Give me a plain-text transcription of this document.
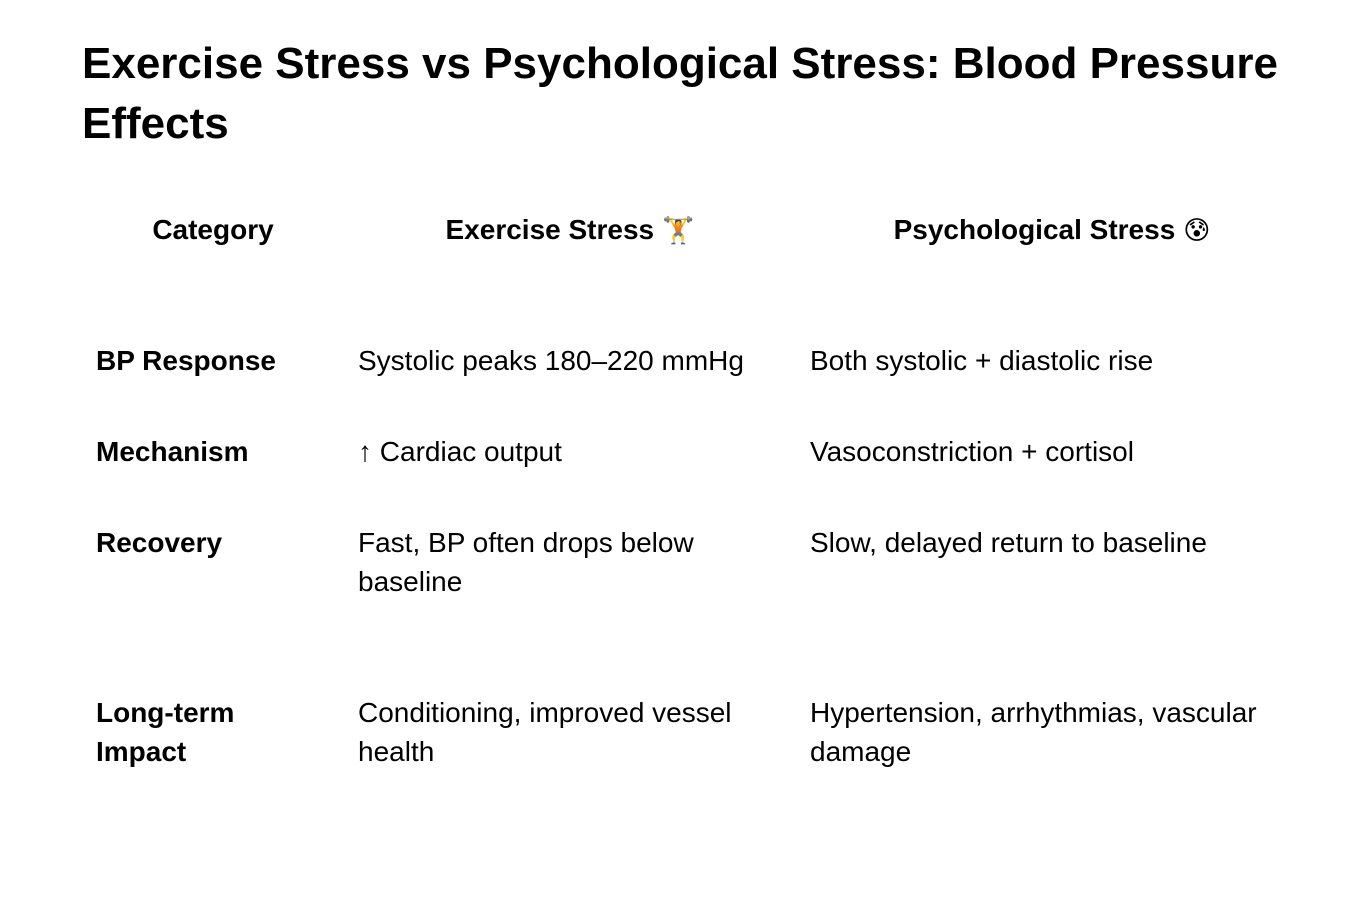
Exercise Stress vs Psychological Stress: Blood Pressure Effects
Category	Exercise Stress 🏋	Psychological Stress 😰
BP Response	Systolic peaks 180–220 mmHg	Both systolic + diastolic rise
Mechanism	↑ Cardiac output	Vasoconstriction + cortisol
Recovery	Fast, BP often drops below baseline	Slow, delayed return to baseline
Long-term Impact	Conditioning, improved vessel health	Hypertension, arrhythmias, vascular damage
